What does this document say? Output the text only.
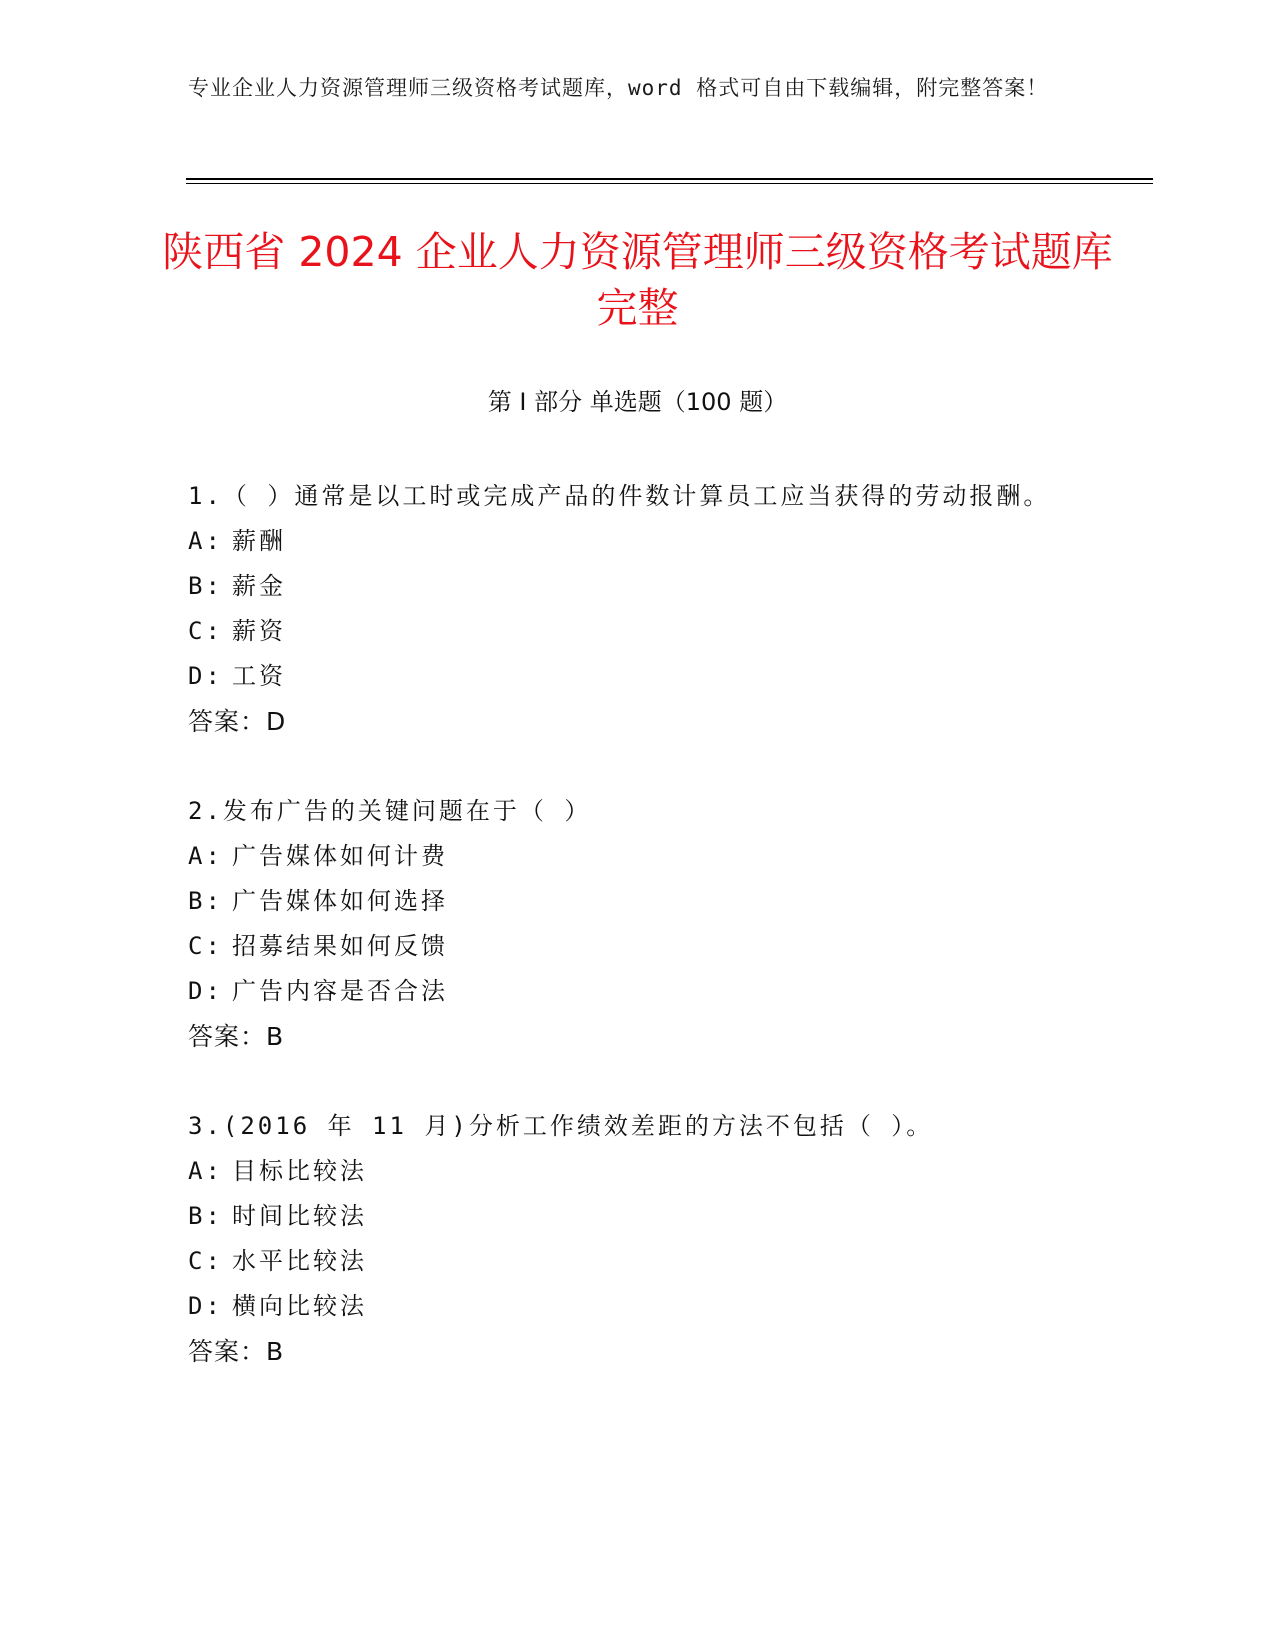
专业企业人力资源管理师三级资格考试题库，word 格式可自由下载编辑，附完整答案！
陕西省 2024 企业人力资源管理师三级资格考试题库完整
第 I 部分 单选题（100 题）
1.（ ）通常是以工时或完成产品的件数计算员工应当获得的劳动报酬。
A: 薪酬
B: 薪金
C: 薪资
D: 工资
答案：D
2.发布广告的关键问题在于（ ）
A: 广告媒体如何计费
B: 广告媒体如何选择
C: 招募结果如何反馈
D: 广告内容是否合法
答案：B
3.(2016 年 11 月)分析工作绩效差距的方法不包括（ ）。
A: 目标比较法
B: 时间比较法
C: 水平比较法
D: 横向比较法
答案：B
